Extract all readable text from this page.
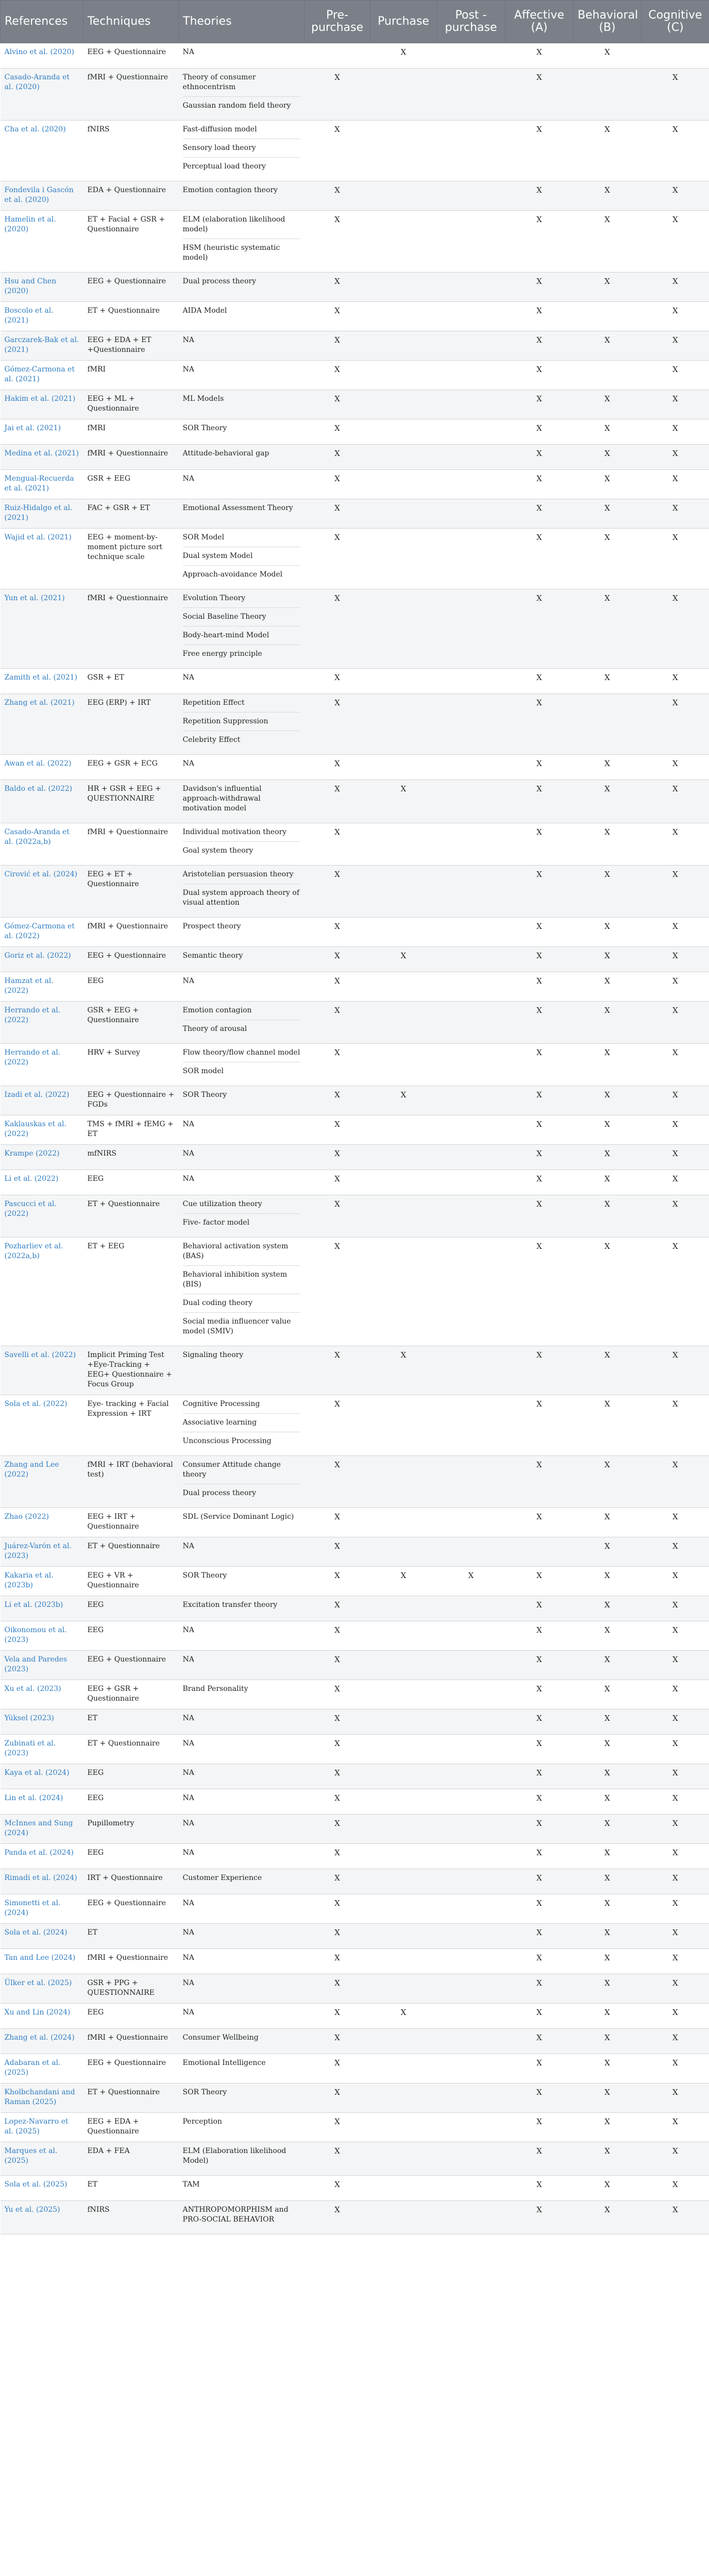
References	Techniques	Theories	Pre-purchase	Purchase	Post - purchase	Affective (A)	Behavioral (B)	Cognitive (C)
Alvino et al. (2020)	EEG + Questionnaire	NA		X		X	X	
Casado-Aranda et al. (2020)	fMRI + Questionnaire	Theory of consumer ethnocentrism
Gaussian random field theory	X			X		X
Cha et al. (2020)	fNIRS	Fast-diffusion model
Sensory load theory
Perceptual load theory	X			X	X	X
Fondevila i Gascón et al. (2020)	EDA + Questionnaire	Emotion contagion theory	X			X	X	X
Hamelin et al. (2020)	ET + Facial + GSR + Questionnaire	ELM (elaboration likelihood model)
HSM (heuristic systematic model)	X			X	X	X
Hsu and Chen (2020)	EEG + Questionnaire	Dual process theory	X			X	X	X
Boscolo et al. (2021)	ET + Questionnaire	AIDA Model	X			X		X
Garczarek-Bak et al. (2021)	EEG + EDA + ET +Questionnaire	NA	X			X	X	X
Gómez-Carmona et al. (2021)	fMRI	NA	X			X		X
Hakim et al. (2021)	EEG + ML + Questionnaire	ML Models	X			X	X	X
Jai et al. (2021)	fMRI	SOR Theory	X			X	X	X
Medina et al. (2021)	fMRI + Questionnaire	Attitude-behavioral gap	X			X	X	X
Mengual-Recuerda et al. (2021)	GSR + EEG	NA	X			X	X	X
Ruiz-Hidalgo et al. (2021)	FAC + GSR + ET	Emotional Assessment Theory	X			X	X	X
Wajid et al. (2021)	EEG + moment-by-moment picture sort technique scale	SOR Model
Dual system Model
Approach-avoidance Model	X			X	X	X
Yun et al. (2021)	fMRI + Questionnaire	Evolution Theory
Social Baseline Theory
Body-heart-mind Model
Free energy principle	X			X	X	X
Zamith et al. (2021)	GSR + ET	NA	X			X	X	X
Zhang et al. (2021)	EEG (ERP) + IRT	Repetition Effect
Repetition Suppression
Celebrity Effect	X			X		X
Awan et al. (2022)	EEG + GSR + ECG	NA	X			X	X	X
Baldo et al. (2022)	HR + GSR + EEG + QUESTIONNAIRE	Davidson's influential approach-withdrawal motivation model	X	X		X	X	X
Casado-Aranda et al. (2022a,b)	fMRI + Questionnaire	Individual motivation theory
Goal system theory	X			X	X	X
Cirović et al. (2024)	EEG + ET + Questionnaire	Aristotelian persuasion theory
Dual system approach theory of visual attention	X			X	X	X
Gómez-Carmona et al. (2022)	fMRI + Questionnaire	Prospect theory	X			X	X	X
Goriz et al. (2022)	EEG + Questionnaire	Semantic theory	X	X		X	X	X
Hamzat et al. (2022)	EEG	NA	X			X	X	X
Herrando et al. (2022)	GSR + EEG + Questionnaire	Emotion contagion
Theory of arousal	X			X	X	X
Herrando et al. (2022)	HRV + Survey	Flow theory/flow channel model
SOR model	X			X	X	X
Izadi et al. (2022)	EEG + Questionnaire + FGDs	SOR Theory	X	X		X	X	X
Kaklauskas et al. (2022)	TMS + fMRI + fEMG + ET	NA	X			X	X	X
Krampe (2022)	mfNIRS	NA	X			X	X	X
Li et al. (2022)	EEG	NA	X			X	X	X
Pascucci et al. (2022)	ET + Questionnaire	Cue utilization theory
Five- factor model	X			X	X	X
Pozharliev et al. (2022a,b)	ET + EEG	Behavioral activation system (BAS)
Behavioral inhibition system (BIS)
Dual coding theory
Social media influencer value model (SMIV)	X			X	X	X
Savelli et al. (2022)	Implicit Priming Test +Eye-Tracking + EEG+ Questionnaire + Focus Group	Signaling theory	X	X		X	X	X
Sola et al. (2022)	Eye- tracking + Facial Expression + IRT	Cognitive Processing
Associative learning
Unconscious Processing	X			X	X	X
Zhang and Lee (2022)	fMRI + IRT (behavioral test)	Consumer Attitude change theory
Dual process theory	X			X	X	X
Zhao (2022)	EEG + IRT + Questionnaire	SDL (Service Dominant Logic)	X			X	X	X
Juárez-Varón et al. (2023)	ET + Questionnaire	NA	X				X	X
Kakaria et al. (2023b)	EEG + VR + Questionnaire	SOR Theory	X	X	X	X	X	X
Li et al. (2023b)	EEG	Excitation transfer theory	X			X	X	X
Oikonomou et al. (2023)	EEG	NA	X			X	X	X
Vela and Paredes (2023)	EEG + Questionnaire	NA	X			X	X	X
Xu et al. (2023)	EEG + GSR + Questionnaire	Brand Personality	X			X	X	X
Yüksel (2023)	ET	NA	X			X	X	X
Zubinati et al. (2023)	ET + Questionnaire	NA	X			X	X	X
Kaya et al. (2024)	EEG	NA	X			X	X	X
Lin et al. (2024)	EEG	NA	X			X	X	X
McInnes and Sung (2024)	Pupillometry	NA	X			X	X	X
Panda et al. (2024)	EEG	NA	X			X	X	X
Rimadi et al. (2024)	IRT + Questionnaire	Customer Experience	X			X	X	X
Simonetti et al. (2024)	EEG + Questionnaire	NA	X			X	X	X
Sola et al. (2024)	ET	NA	X			X	X	X
Tan and Lee (2024)	fMRI + Questionnaire	NA	X			X	X	X
Ülker et al. (2025)	GSR + PPG + QUESTIONNAIRE	NA	X			X	X	X
Xu and Lin (2024)	EEG	NA	X	X		X	X	X
Zhang et al. (2024)	fMRI + Questionnaire	Consumer Wellbeing	X			X	X	X
Adabaran et al. (2025)	EEG + Questionnaire	Emotional Intelligence	X			X	X	X
Kholbchandani and Raman (2025)	ET + Questionnaire	SOR Theory	X			X	X	X
Lopez-Navarro et al. (2025)	EEG + EDA + Questionnaire	Perception	X			X	X	X
Marques et al. (2025)	EDA + FEA	ELM (Elaboration likelihood Model)	X			X	X	X
Sola et al. (2025)	ET	TAM	X			X	X	X
Yu et al. (2025)	fNIRS	ANTHROPOMORPHISM and PRO-SOCIAL BEHAVIOR	X			X	X	X
